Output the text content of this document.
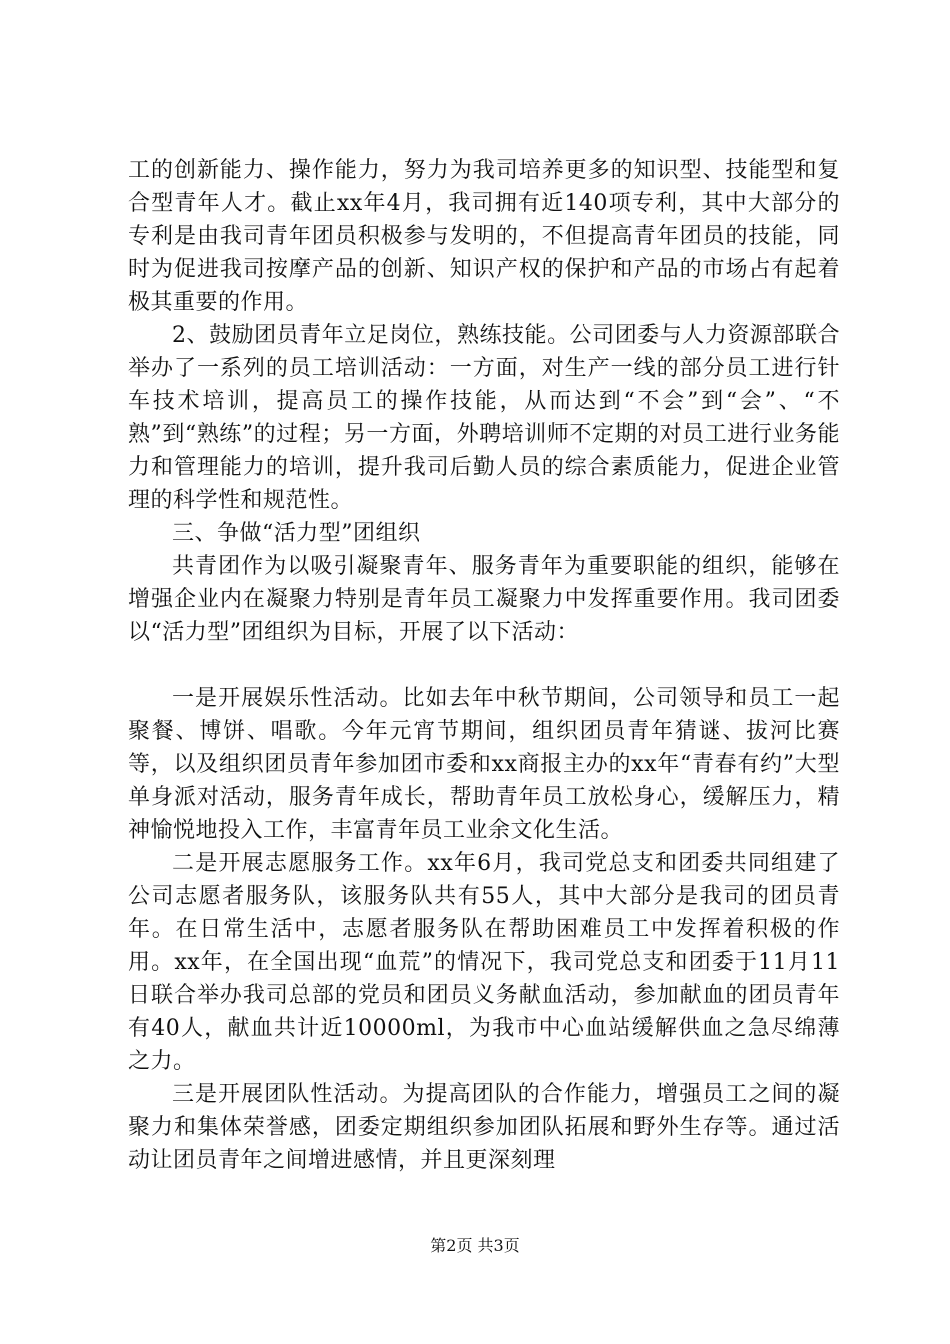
工的创新能力、操作能力，努力为我司培养更多的知识型、技能型和复合型青年人才。截止xx年4月，我司拥有近140项专利，其中大部分的专利是由我司青年团员积极参与发明的，不但提高青年团员的技能，同时为促进我司按摩产品的创新、知识产权的保护和产品的市场占有起着极其重要的作用。

2、鼓励团员青年立足岗位，熟练技能。公司团委与人力资源部联合举办了一系列的员工培训活动：一方面，对生产一线的部分员工进行针车技术培训，提高员工的操作技能，从而达到“不会”到“会”、“不熟”到“熟练”的过程；另一方面，外聘培训师不定期的对员工进行业务能力和管理能力的培训，提升我司后勤人员的综合素质能力，促进企业管理的科学性和规范性。

三、争做“活力型”团组织

共青团作为以吸引凝聚青年、服务青年为重要职能的组织，能够在增强企业内在凝聚力特别是青年员工凝聚力中发挥重要作用。我司团委以“活力型”团组织为目标，开展了以下活动：

一是开展娱乐性活动。比如去年中秋节期间，公司领导和员工一起聚餐、博饼、唱歌。今年元宵节期间，组织团员青年猜谜、拔河比赛等，以及组织团员青年参加团市委和xx商报主办的xx年“青春有约”大型单身派对活动，服务青年成长，帮助青年员工放松身心，缓解压力，精神愉悦地投入工作，丰富青年员工业余文化生活。

二是开展志愿服务工作。xx年6月，我司党总支和团委共同组建了公司志愿者服务队，该服务队共有55人，其中大部分是我司的团员青年。在日常生活中，志愿者服务队在帮助困难员工中发挥着积极的作用。xx年，在全国出现“血荒”的情况下，我司党总支和团委于11月11日联合举办我司总部的党员和团员义务献血活动，参加献血的团员青年有40人，献血共计近10000ml，为我市中心血站缓解供血之急尽绵薄之力。

三是开展团队性活动。为提高团队的合作能力，增强员工之间的凝聚力和集体荣誉感，团委定期组织参加团队拓展和野外生存等。通过活动让团员青年之间增进感情，并且更深刻理

第2页 共3页
